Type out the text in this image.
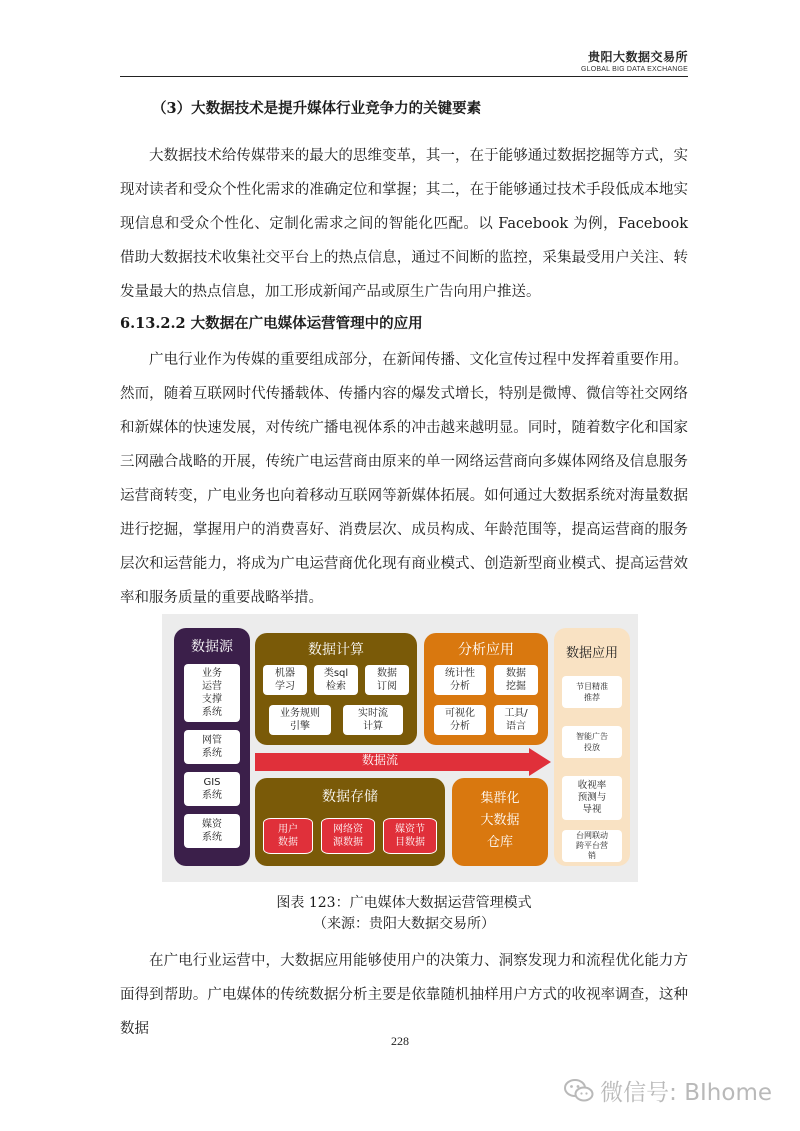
贵阳大数据交易所
GLOBAL BIG DATA EXCHANGE
（3）大数据技术是提升媒体行业竞争力的关键要素

大数据技术给传媒带来的最大的思维变革，其一，在于能够通过数据挖掘等方式，实现对读者和受众个性化需求的准确定位和掌握；其二，在于能够通过技术手段低成本地实现信息和受众个性化、定制化需求之间的智能化匹配。以 Facebook 为例，Facebook 借助大数据技术收集社交平台上的热点信息，通过不间断的监控，采集最受用户关注、转发量最大的热点信息，加工形成新闻产品或原生广告向用户推送。

6.13.2.2 大数据在广电媒体运营管理中的应用

广电行业作为传媒的重要组成部分，在新闻传播、文化宣传过程中发挥着重要作用。然而，随着互联网时代传播载体、传播内容的爆发式增长，特别是微博、微信等社交网络和新媒体的快速发展，对传统广播电视体系的冲击越来越明显。同时，随着数字化和国家三网融合战略的开展，传统广电运营商由原来的单一网络运营商向多媒体网络及信息服务运营商转变，广电业务也向着移动互联网等新媒体拓展。如何通过大数据系统对海量数据进行挖掘，掌握用户的消费喜好、消费层次、成员构成、年龄范围等，提高运营商的服务层次和运营能力，将成为广电运营商优化现有商业模式、创造新型商业模式、提高运营效率和服务质量的重要战略举措。

数据源
业务
运营
支撑
系统
网管
系统
GIS
系统
媒资
系统
数据计算
机器
学习
类sql
检索
数据
订阅
业务规则
引擎
实时流
计算
分析应用
统计性
分析
数据
挖掘
可视化
分析
工具/
语言
数据流
数据存储
用户
数据
网络资
源数据
媒资节
目数据
集群化
大数据
仓库
数据应用
节目精准
推荐
智能广告
投放
收视率
预测与
导视
台网联动
跨平台营
销
图表 123：广电媒体大数据运营管理模式
（来源：贵阳大数据交易所）

在广电行业运营中，大数据应用能够使用户的决策力、洞察发现力和流程优化能力方面得到帮助。广电媒体的传统数据分析主要是依靠随机抽样用户方式的收视率调查，这种数据

228
微信号: BIhome
